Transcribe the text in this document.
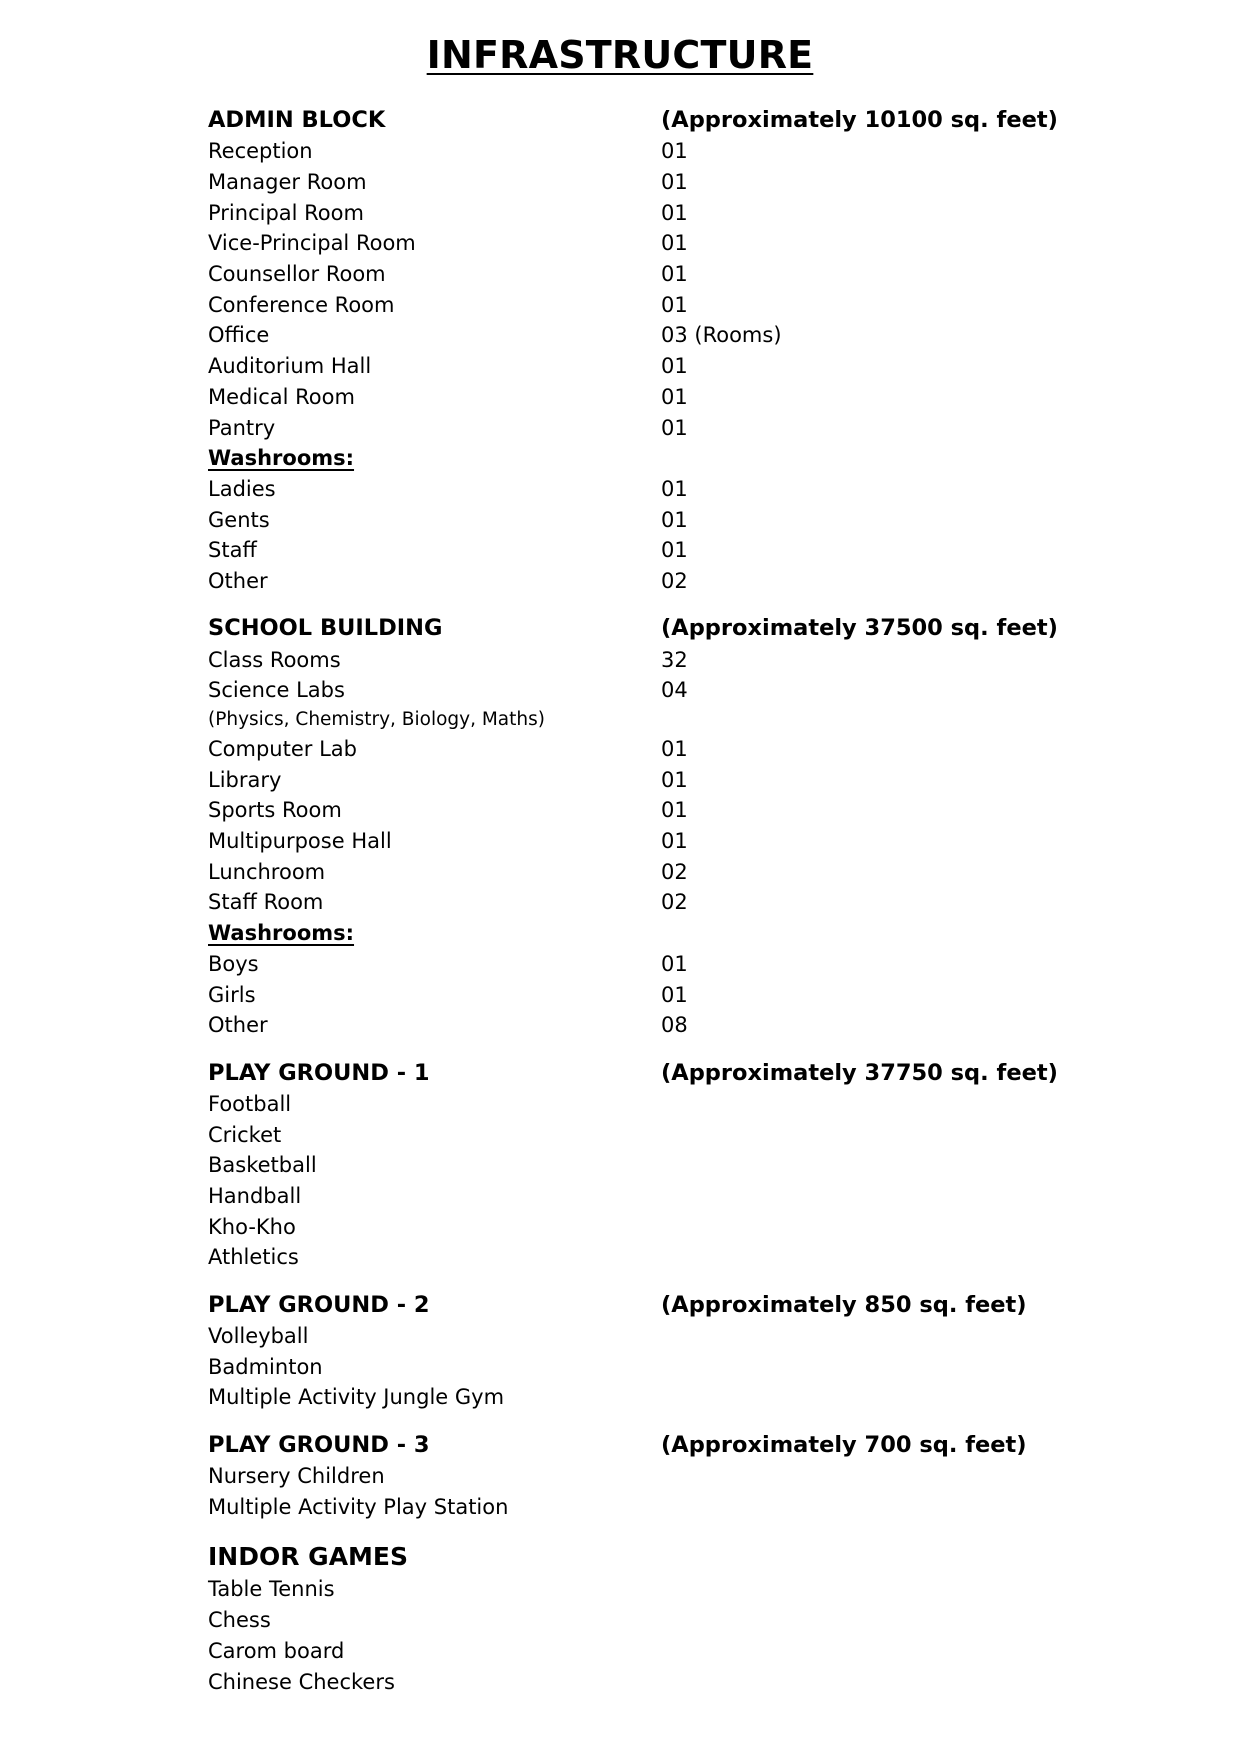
INFRASTRUCTURE
ADMIN BLOCK	(Approximately 10100 sq. feet)
Reception	01
Manager Room	01
Principal Room	01
Vice-Principal Room	01
Counsellor Room	01
Conference Room	01
Office	03 (Rooms)
Auditorium Hall	01
Medical Room	01
Pantry	01
Washrooms:
Ladies	01
Gents	01
Staff	01
Other	02
SCHOOL BUILDING	(Approximately 37500 sq. feet)
Class Rooms	32
Science Labs	04
(Physics, Chemistry, Biology, Maths)
Computer Lab	01
Library	01
Sports Room	01
Multipurpose Hall	01
Lunchroom	02
Staff Room	02
Washrooms:
Boys	01
Girls	01
Other	08
PLAY GROUND - 1	(Approximately 37750 sq. feet)
Football
Cricket
Basketball
Handball
Kho-Kho
Athletics
PLAY GROUND - 2	(Approximately 850 sq. feet)
Volleyball
Badminton
Multiple Activity Jungle Gym
PLAY GROUND - 3	(Approximately 700 sq. feet)
Nursery Children
Multiple Activity Play Station
INDOR GAMES
Table Tennis
Chess
Carom board
Chinese Checkers
